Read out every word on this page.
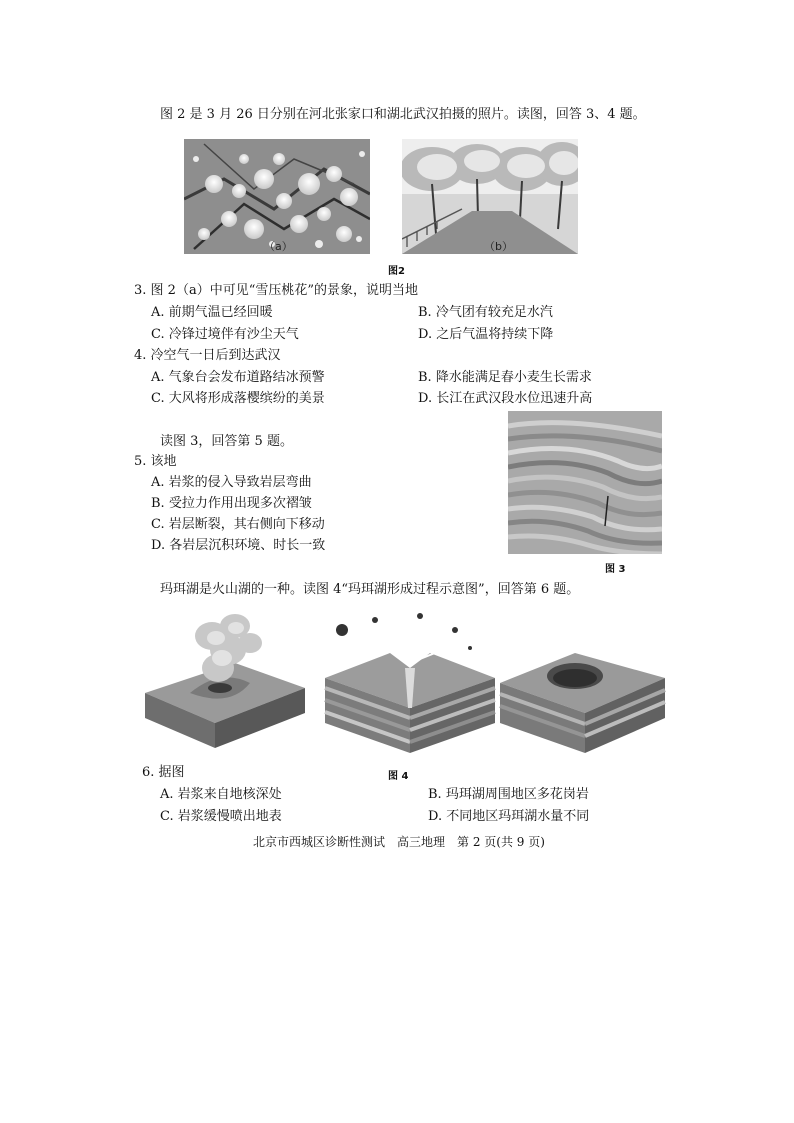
图 2 是 3 月 26 日分别在河北张家口和湖北武汉拍摄的照片。读图，回答 3、4 题。
（a）	（b）
图2
3. 图 2（a）中可见“雪压桃花”的景象，说明当地
A. 前期气温已经回暖	B. 冷气团有较充足水汽
C. 冷锋过境伴有沙尘天气	D. 之后气温将持续下降
4. 冷空气一日后到达武汉
A. 气象台会发布道路结冰预警	B. 降水能满足春小麦生长需求
C. 大风将形成落樱缤纷的美景	D. 长江在武汉段水位迅速升高
读图 3，回答第 5 题。
5. 该地
A. 岩浆的侵入导致岩层弯曲
B. 受拉力作用出现多次褶皱
C. 岩层断裂，其右侧向下移动
D. 各岩层沉积环境、时长一致
图 3
玛珥湖是火山湖的一种。读图 4“玛珥湖形成过程示意图”，回答第 6 题。
6. 据图	图 4
A. 岩浆来自地核深处	B. 玛珥湖周围地区多花岗岩
C. 岩浆缓慢喷出地表	D. 不同地区玛珥湖水量不同
北京市西城区诊断性测试　高三地理　第 2 页(共 9 页)
